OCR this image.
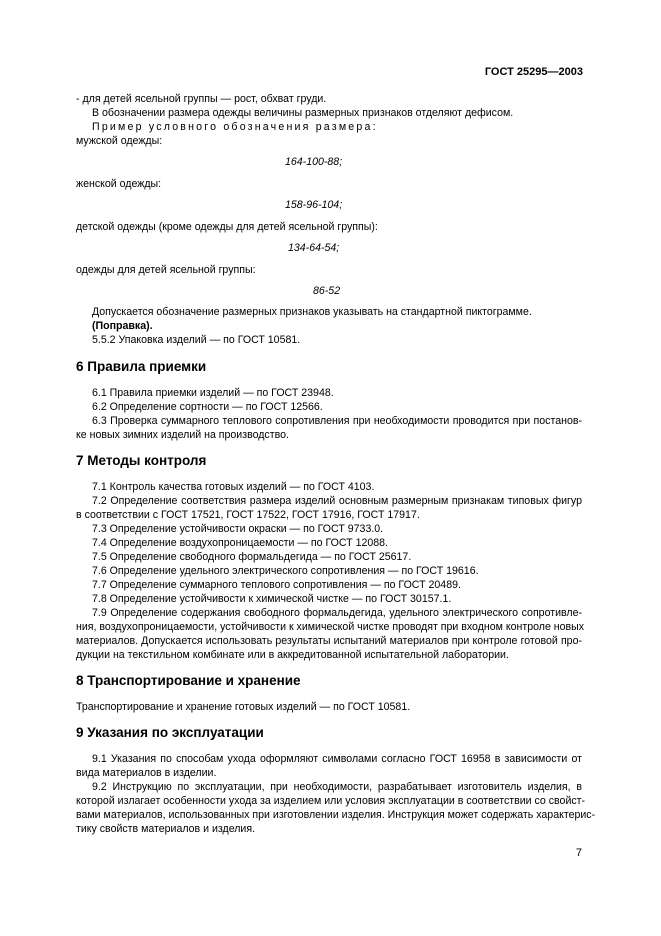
ГОСТ 25295—2003
- для детей ясельной группы — рост, обхват груди.
В обозначении размера одежды величины размерных признаков отделяют дефисом.
Пример условного обозначения размера:
мужской одежды:
164-100-88;
женской одежды:
158-96-104;
детской одежды (кроме одежды для детей ясельной группы):
134-64-54;
одежды для детей ясельной группы:
86-52
Допускается обозначение размерных признаков указывать на стандартной пиктограмме.
(Поправка).
5.5.2 Упаковка изделий — по ГОСТ 10581.
6 Правила приемки
6.1 Правила приемки изделий — по ГОСТ 23948.
6.2 Определение сортности — по ГОСТ 12566.
6.3 Проверка суммарного теплового сопротивления при необходимости проводится при постанов-
ке новых зимних изделий на производство.
7 Методы контроля
7.1 Контроль качества готовых изделий — по ГОСТ 4103.
7.2 Определение соответствия размера изделий основным размерным признакам типовых фигур
в соответствии с ГОСТ 17521, ГОСТ 17522, ГОСТ 17916, ГОСТ 17917.
7.3 Определение устойчивости окраски — по ГОСТ 9733.0.
7.4 Определение воздухопроницаемости — по ГОСТ 12088.
7.5 Определение свободного формальдегида — по ГОСТ 25617.
7.6 Определение удельного электрического сопротивления — по ГОСТ 19616.
7.7 Определение суммарного теплового сопротивления — по ГОСТ 20489.
7.8 Определение устойчивости к химической чистке — по ГОСТ 30157.1.
7.9 Определение содержания свободного формальдегида, удельного электрического сопротивле-
ния, воздухопроницаемости, устойчивости к химической чистке проводят при входном контроле новых
материалов. Допускается использовать результаты испытаний материалов при контроле готовой про-
дукции на текстильном комбинате или в аккредитованной испытательной лаборатории.
8 Транспортирование и хранение
Транспортирование и хранение готовых изделий — по ГОСТ 10581.
9 Указания по эксплуатации
9.1 Указания по способам ухода оформляют символами согласно ГОСТ 16958 в зависимости от
вида материалов в изделии.
9.2 Инструкцию по эксплуатации, при необходимости, разрабатывает изготовитель изделия, в
которой излагает особенности ухода за изделием или условия эксплуатации в соответствии со свойст-
вами материалов, использованных при изготовлении изделия. Инструкция может содержать характерис-
тику свойств материалов и изделия.
7
